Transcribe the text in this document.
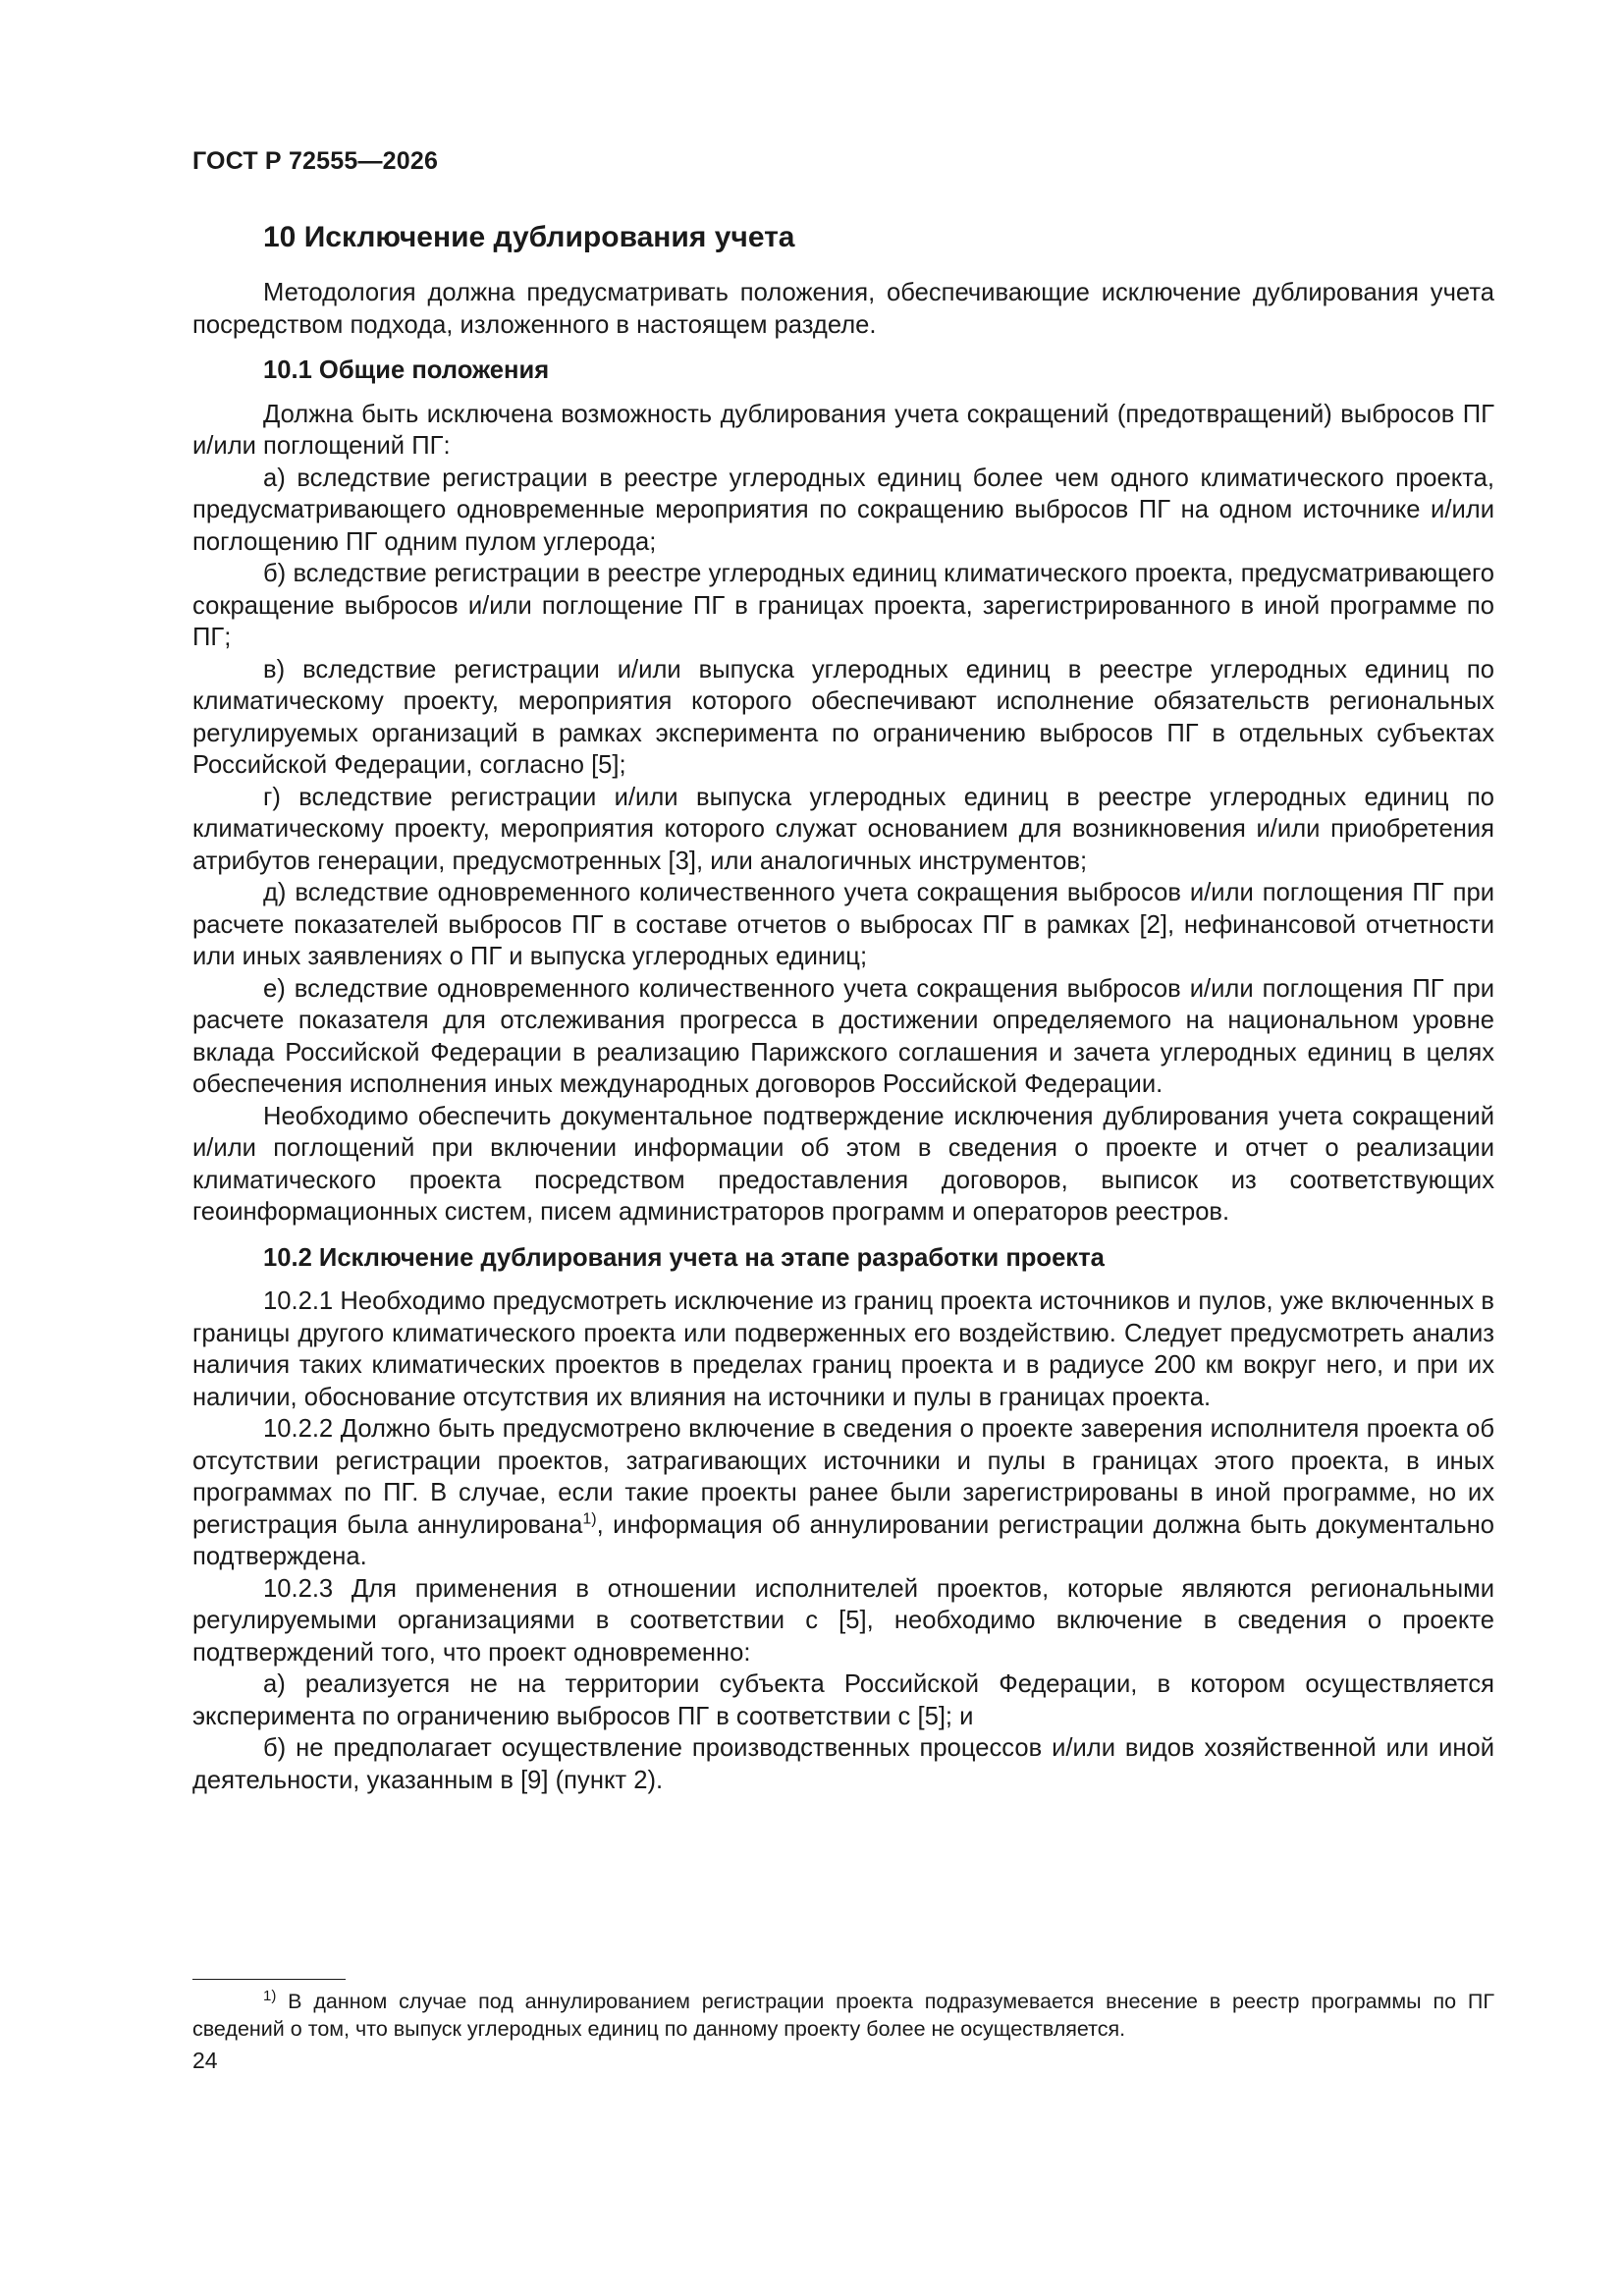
ГОСТ Р 72555—2026
10 Исключение дублирования учета

Методология должна предусматривать положения, обеспечивающие исключение дублирования учета посредством подхода, изложенного в настоящем разделе.

10.1 Общие положения

Должна быть исключена возможность дублирования учета сокращений (предотвращений) выбросов ПГ и/или поглощений ПГ:

а) вследствие регистрации в реестре углеродных единиц более чем одного климатического проекта, предусматривающего одновременные мероприятия по сокращению выбросов ПГ на одном источнике и/или поглощению ПГ одним пулом углерода;

б) вследствие регистрации в реестре углеродных единиц климатического проекта, предусматривающего сокращение выбросов и/или поглощение ПГ в границах проекта, зарегистрированного в иной программе по ПГ;

в) вследствие регистрации и/или выпуска углеродных единиц в реестре углеродных единиц по климатическому проекту, мероприятия которого обеспечивают исполнение обязательств региональных регулируемых организаций в рамках эксперимента по ограничению выбросов ПГ в отдельных субъектах Российской Федерации, согласно [5];

г) вследствие регистрации и/или выпуска углеродных единиц в реестре углеродных единиц по климатическому проекту, мероприятия которого служат основанием для возникновения и/или приобретения атрибутов генерации, предусмотренных [3], или аналогичных инструментов;

д) вследствие одновременного количественного учета сокращения выбросов и/или поглощения ПГ при расчете показателей выбросов ПГ в составе отчетов о выбросах ПГ в рамках [2], нефинансовой отчетности или иных заявлениях о ПГ и выпуска углеродных единиц;

е) вследствие одновременного количественного учета сокращения выбросов и/или поглощения ПГ при расчете показателя для отслеживания прогресса в достижении определяемого на национальном уровне вклада Российской Федерации в реализацию Парижского соглашения и зачета углеродных единиц в целях обеспечения исполнения иных международных договоров Российской Федерации.

Необходимо обеспечить документальное подтверждение исключения дублирования учета сокращений и/или поглощений при включении информации об этом в сведения о проекте и отчет о реализации климатического проекта посредством предоставления договоров, выписок из соответствующих геоинформационных систем, писем администраторов программ и операторов реестров.

10.2 Исключение дублирования учета на этапе разработки проекта

10.2.1 Необходимо предусмотреть исключение из границ проекта источников и пулов, уже включенных в границы другого климатического проекта или подверженных его воздействию. Следует предусмотреть анализ наличия таких климатических проектов в пределах границ проекта и в радиусе 200 км вокруг него, и при их наличии, обоснование отсутствия их влияния на источники и пулы в границах проекта.

10.2.2 Должно быть предусмотрено включение в сведения о проекте заверения исполнителя проекта об отсутствии регистрации проектов, затрагивающих источники и пулы в границах этого проекта, в иных программах по ПГ. В случае, если такие проекты ранее были зарегистрированы в иной программе, но их регистрация была аннулирована$^{1)}$, информация об аннулировании регистрации должна быть документально подтверждена.

10.2.3 Для применения в отношении исполнителей проектов, которые являются региональными регулируемыми организациями в соответствии с [5], необходимо включение в сведения о проекте подтверждений того, что проект одновременно:

а) реализуется не на территории субъекта Российской Федерации, в котором осуществляется эксперимента по ограничению выбросов ПГ в соответствии с [5]; и

б) не предполагает осуществление производственных процессов и/или видов хозяйственной или иной деятельности, указанным в [9] (пункт 2).

$^{1)}$ В данном случае под аннулированием регистрации проекта подразумевается внесение в реестр программы по ПГ сведений о том, что выпуск углеродных единиц по данному проекту более не осуществляется.
24
